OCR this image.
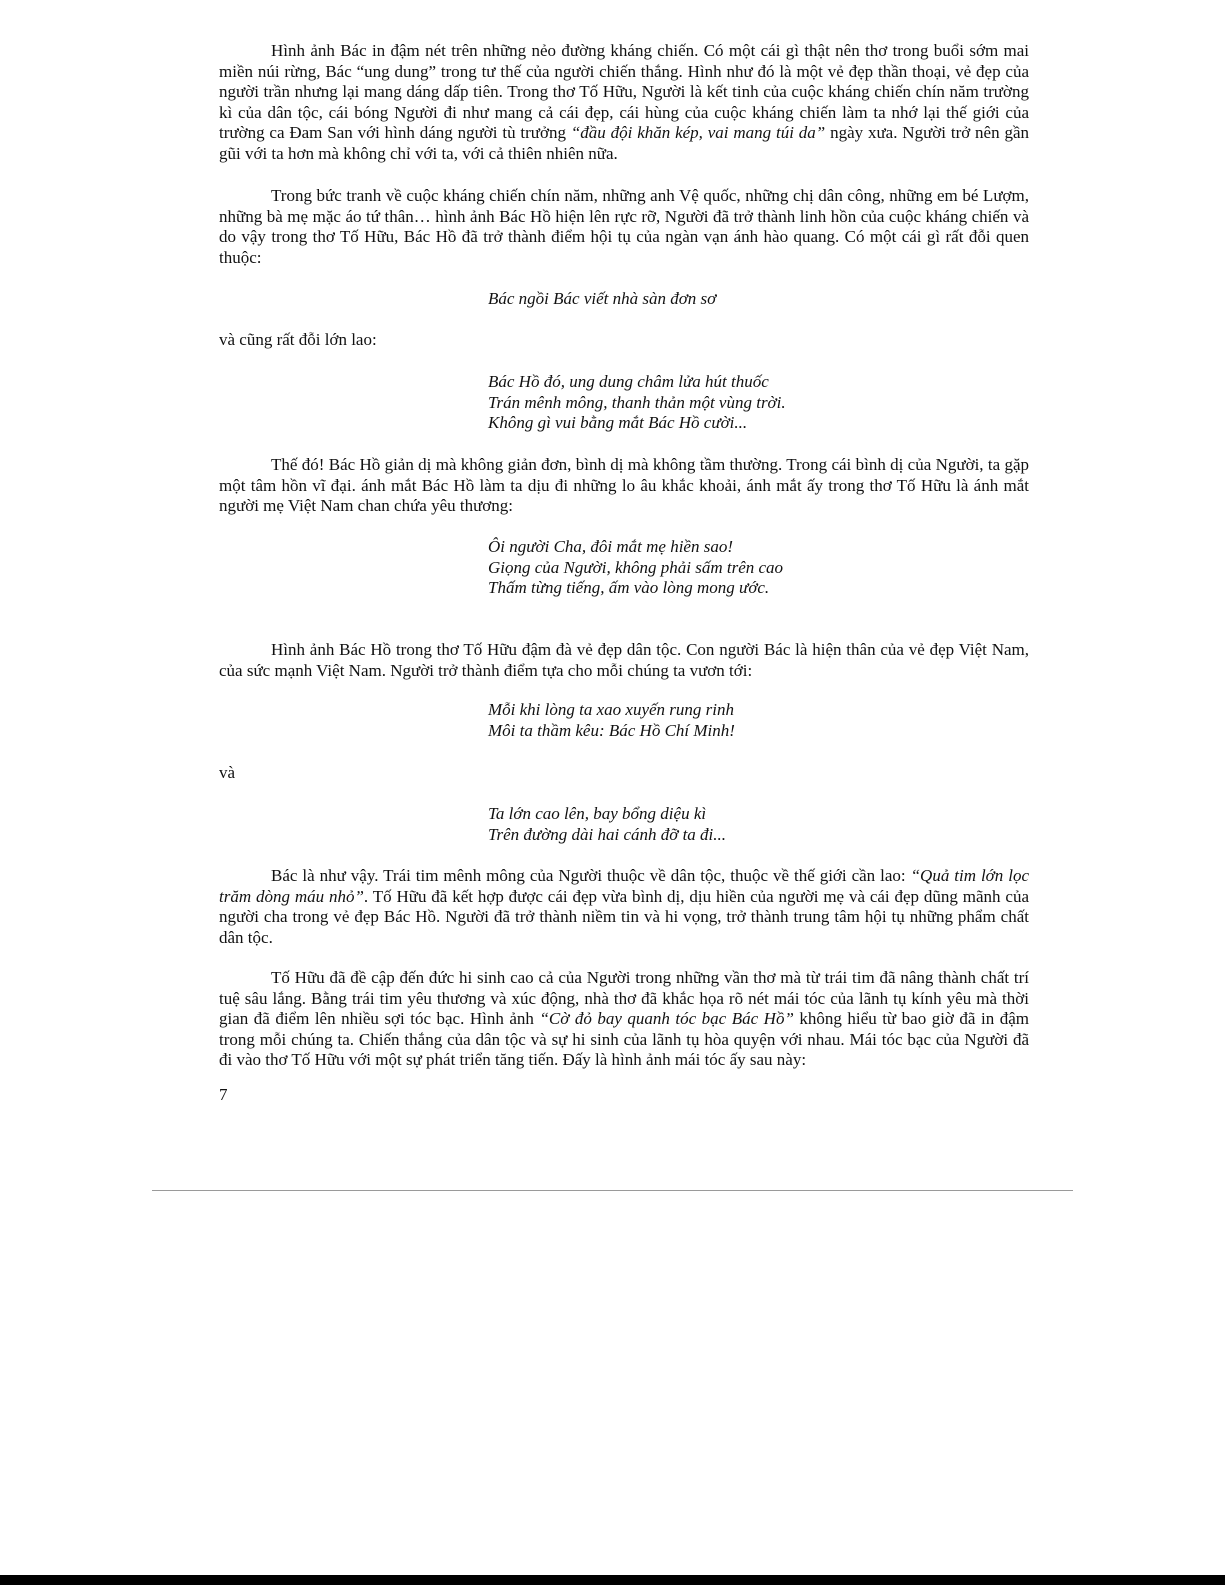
Hình ảnh Bác in đậm nét trên những nẻo đường kháng chiến. Có một cái gì thật nên thơ trong buổi sớm mai miền núi rừng, Bác “ung dung” trong tư thế của người chiến thắng. Hình như đó là một vẻ đẹp thần thoại, vẻ đẹp của người trần nhưng lại mang dáng dấp tiên. Trong thơ Tố Hữu, Người là kết tinh của cuộc kháng chiến chín năm trường kì của dân tộc, cái bóng Người đi như mang cả cái đẹp, cái hùng của cuộc kháng chiến làm ta nhớ lại thế giới của trường ca Đam San với hình dáng người tù trưởng “đầu đội khăn kép, vai mang túi da” ngày xưa. Người trở nên gần gũi với ta hơn mà không chỉ với ta, với cả thiên nhiên nữa.

Trong bức tranh về cuộc kháng chiến chín năm, những anh Vệ quốc, những chị dân công, những em bé Lượm, những bà mẹ mặc áo tứ thân… hình ảnh Bác Hồ hiện lên rực rỡ, Người đã trở thành linh hồn của cuộc kháng chiến và do vậy trong thơ Tố Hữu, Bác Hồ đã trở thành điểm hội tụ của ngàn vạn ánh hào quang. Có một cái gì rất đỗi quen thuộc:

Bác ngồi Bác viết nhà sàn đơn sơ
và cũng rất đỗi lớn lao:
Bác Hồ đó, ung dung châm lửa hút thuốc
Trán mênh mông, thanh thản một vùng trời.
Không gì vui bằng mắt Bác Hồ cười...

Thế đó! Bác Hồ giản dị mà không giản đơn, bình dị mà không tầm thường. Trong cái bình dị của Người, ta gặp một tâm hồn vĩ đại. ánh mắt Bác Hồ làm ta dịu đi những lo âu khắc khoải, ánh mắt ấy trong thơ Tố Hữu là ánh mắt người mẹ Việt Nam chan chứa yêu thương:

Ôi người Cha, đôi mắt mẹ hiền sao!
Giọng của Người, không phải sấm trên cao
Thấm từng tiếng, ấm vào lòng mong ước.

Hình ảnh Bác Hồ trong thơ Tố Hữu đậm đà vẻ đẹp dân tộc. Con người Bác là hiện thân của vẻ đẹp Việt Nam, của sức mạnh Việt Nam. Người trở thành điểm tựa cho mỗi chúng ta vươn tới:

Mỗi khi lòng ta xao xuyến rung rinh
Môi ta thầm kêu: Bác Hồ Chí Minh!
và
Ta lớn cao lên, bay bổng diệu kì
Trên đường dài hai cánh đỡ ta đi...

Bác là như vậy. Trái tim mênh mông của Người thuộc về dân tộc, thuộc về thế giới cần lao: “Quả tim lớn lọc trăm dòng máu nhỏ”. Tố Hữu đã kết hợp được cái đẹp vừa bình dị, dịu hiền của người mẹ và cái đẹp dũng mãnh của người cha trong vẻ đẹp Bác Hồ. Người đã trở thành niềm tin và hi vọng, trở thành trung tâm hội tụ những phẩm chất dân tộc.

Tố Hữu đã đề cập đến đức hi sinh cao cả của Người trong những vần thơ mà từ trái tim đã nâng thành chất trí tuệ sâu lắng. Bằng trái tim yêu thương và xúc động, nhà thơ đã khắc họa rõ nét mái tóc của lãnh tụ kính yêu mà thời gian đã điểm lên nhiều sợi tóc bạc. Hình ảnh “Cờ đỏ bay quanh tóc bạc Bác Hồ” không hiểu từ bao giờ đã in đậm trong mỗi chúng ta. Chiến thắng của dân tộc và sự hi sinh của lãnh tụ hòa quyện với nhau. Mái tóc bạc của Người đã đi vào thơ Tố Hữu với một sự phát triển tăng tiến. Đấy là hình ảnh mái tóc ấy sau này:

7
